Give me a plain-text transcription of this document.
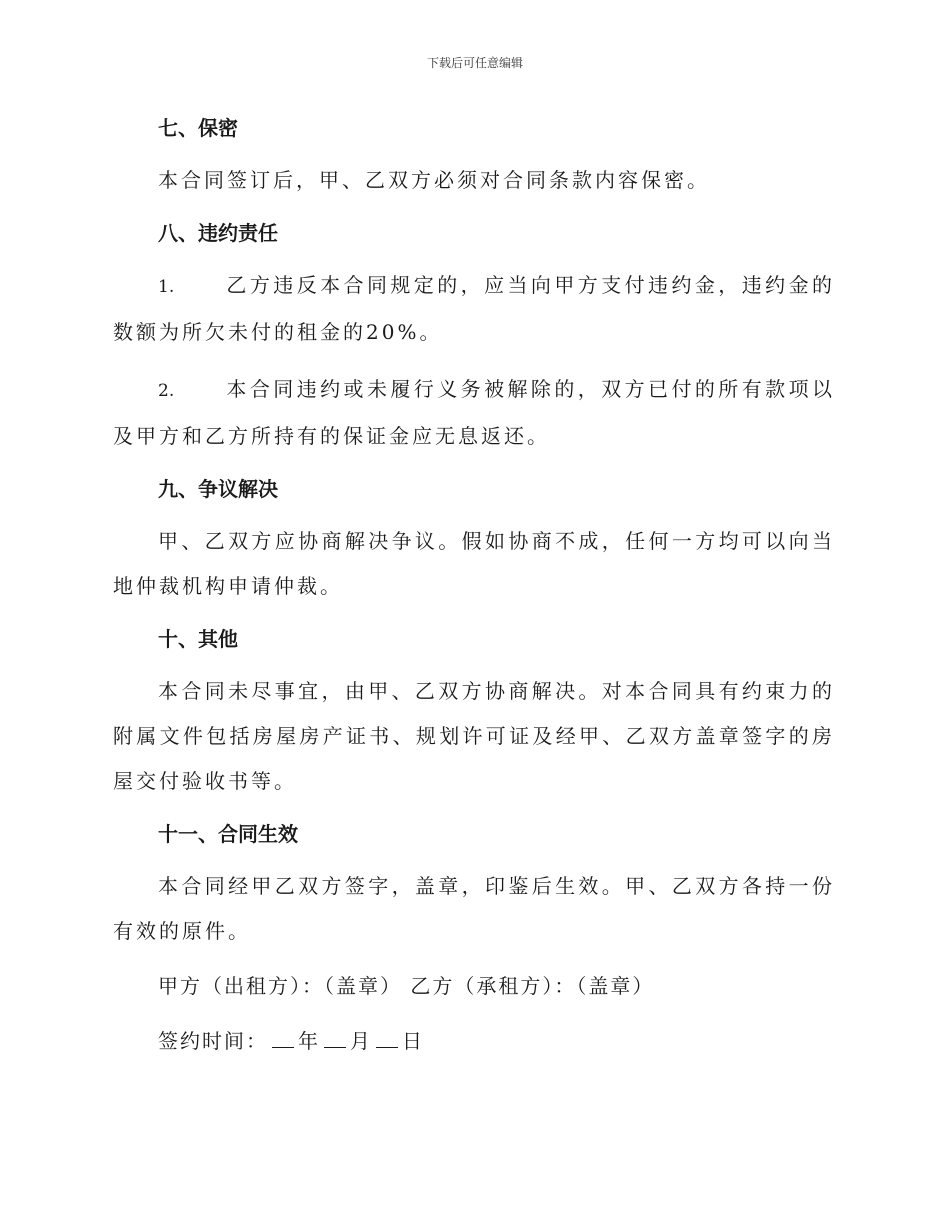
下载后可任意编辑
七、保密

本合同签订后，甲、乙双方必须对合同条款内容保密。

八、违约责任

1.	乙方违反本合同规定的，应当向甲方支付违约金，违约金的数额为所欠未付的租金的20%。

2.	本合同违约或未履行义务被解除的，双方已付的所有款项以及甲方和乙方所持有的保证金应无息返还。

九、争议解决

甲、乙双方应协商解决争议。假如协商不成，任何一方均可以向当地仲裁机构申请仲裁。

十、其他

本合同未尽事宜，由甲、乙双方协商解决。对本合同具有约束力的附属文件包括房屋房产证书、规划许可证及经甲、乙双方盖章签字的房屋交付验收书等。

十一、合同生效

本合同经甲乙双方签字，盖章，印鉴后生效。甲、乙双方各持一份有效的原件。

甲方（出租方）：（盖章） 乙方（承租方）：（盖章）

签约时间： 年 月 日
